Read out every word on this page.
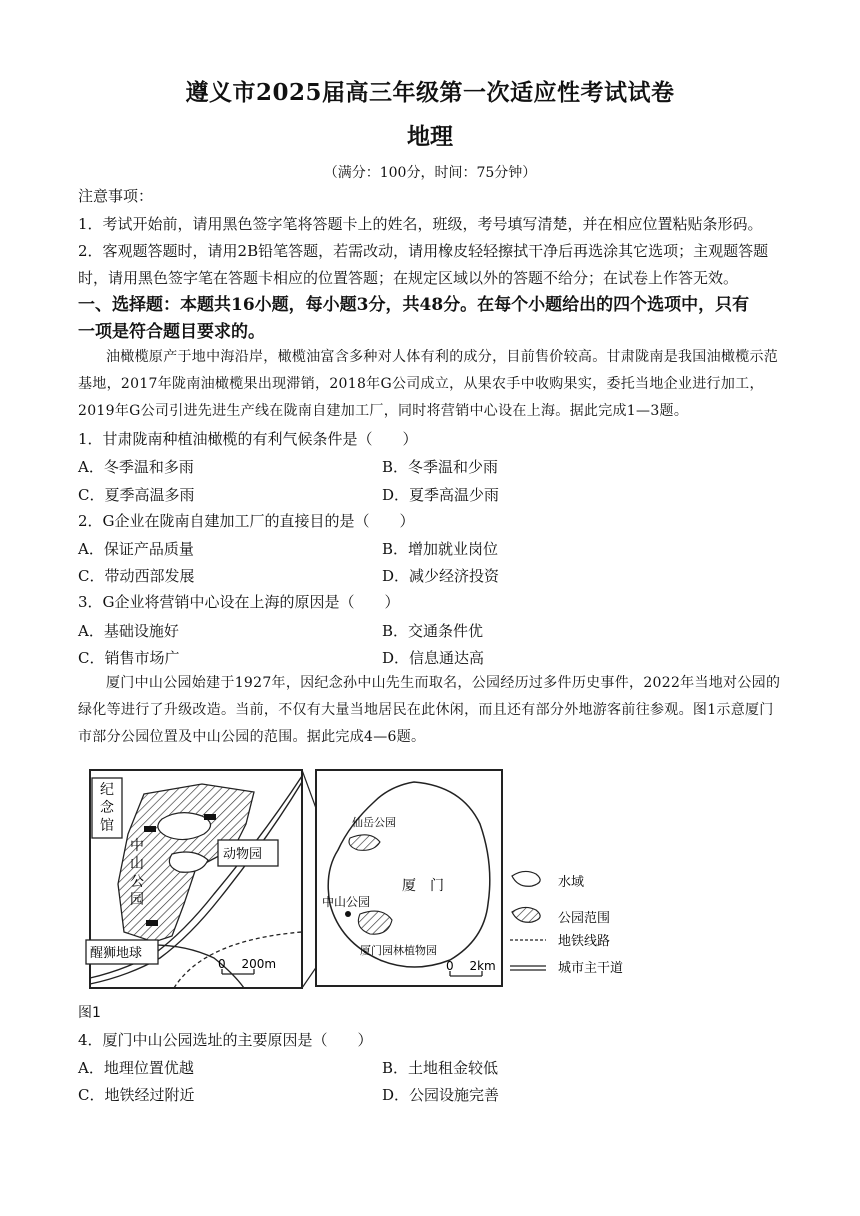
遵义市2025届高三年级第一次适应性考试试卷
地理
（满分：100分，时间：75分钟）
注意事项：
1．考试开始前，请用黑色签字笔将答题卡上的姓名，班级，考号填写清楚，并在相应位置粘贴条形码。
2．客观题答题时，请用2B铅笔答题，若需改动，请用橡皮轻轻擦拭干净后再选涂其它选项；主观题答题
时，请用黑色签字笔在答题卡相应的位置答题；在规定区域以外的答题不给分；在试卷上作答无效。
一、选择题：本题共16小题，每小题3分，共48分。在每个小题给出的四个选项中，只有
一项是符合题目要求的。
油橄榄原产于地中海沿岸，橄榄油富含多种对人体有利的成分，目前售价较高。甘肃陇南是我国油橄榄示范基地，2017年陇南油橄榄果出现滞销，2018年G公司成立，从果农手中收购果实，委托当地企业进行加工，2019年G公司引进先进生产线在陇南自建加工厂，同时将营销中心设在上海。据此完成1—3题。
1．甘肃陇南种植油橄榄的有利气候条件是（　　）
A．冬季温和多雨	B．冬季温和少雨
C．夏季高温多雨	D．夏季高温少雨
2．G企业在陇南自建加工厂的直接目的是（　　）
A．保证产品质量	B．增加就业岗位
C．带动西部发展	D．减少经济投资
3．G企业将营销中心设在上海的原因是（　　）
A．基础设施好	B．交通条件优
C．销售市场广	D．信息通达高
厦门中山公园始建于1927年，因纪念孙中山先生而取名，公园经历过多件历史事件，2022年当地对公园的绿化等进行了升级改造。当前，不仅有大量当地居民在此休闲，而且还有部分外地游客前往参观。图1示意厦门市部分公园位置及中山公园的范围。据此完成4—6题。
纪
念
馆
中
山
公
园
动物园
醒狮地球
0 　200m
仙岳公园
厦　门
中山公园
厦门园林植物园
0 　2km
水域
公园范围
地铁线路
城市主干道
图1
4．厦门中山公园选址的主要原因是（　　）
A．地理位置优越	B．土地租金较低
C．地铁经过附近	D．公园设施完善
